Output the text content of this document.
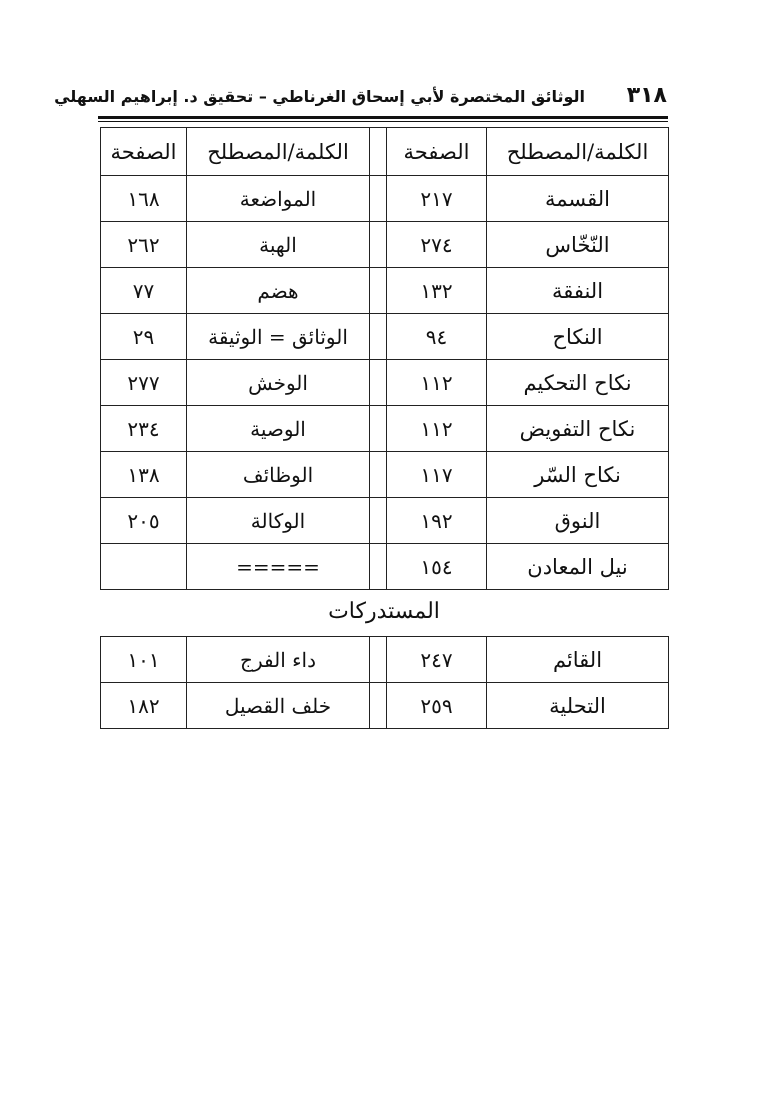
٣١٨
الوثائق المختصرة لأبي إسحاق الغرناطي – تحقيق د. إبراهيم السهلي
الكلمة/المصطلح	الصفحة		الكلمة/المصطلح	الصفحة
القسمة	٢١٧		المواضعة	١٦٨
النّخّاس	٢٧٤		الهبة	٢٦٢
النفقة	١٣٢		هضم	٧٧
النكاح	٩٤		الوثائق = الوثيقة	٢٩
نكاح التحكيم	١١٢		الوخش	٢٧٧
نكاح التفويض	١١٢		الوصية	٢٣٤
نكاح السّر	١١٧		الوظائف	١٣٨
النوق	١٩٢		الوكالة	٢٠٥
نيل المعادن	١٥٤		=====	
المستدركات
القائم	٢٤٧		داء الفرج	١٠١
التحلية	٢٥٩		خلف القصيل	١٨٢
